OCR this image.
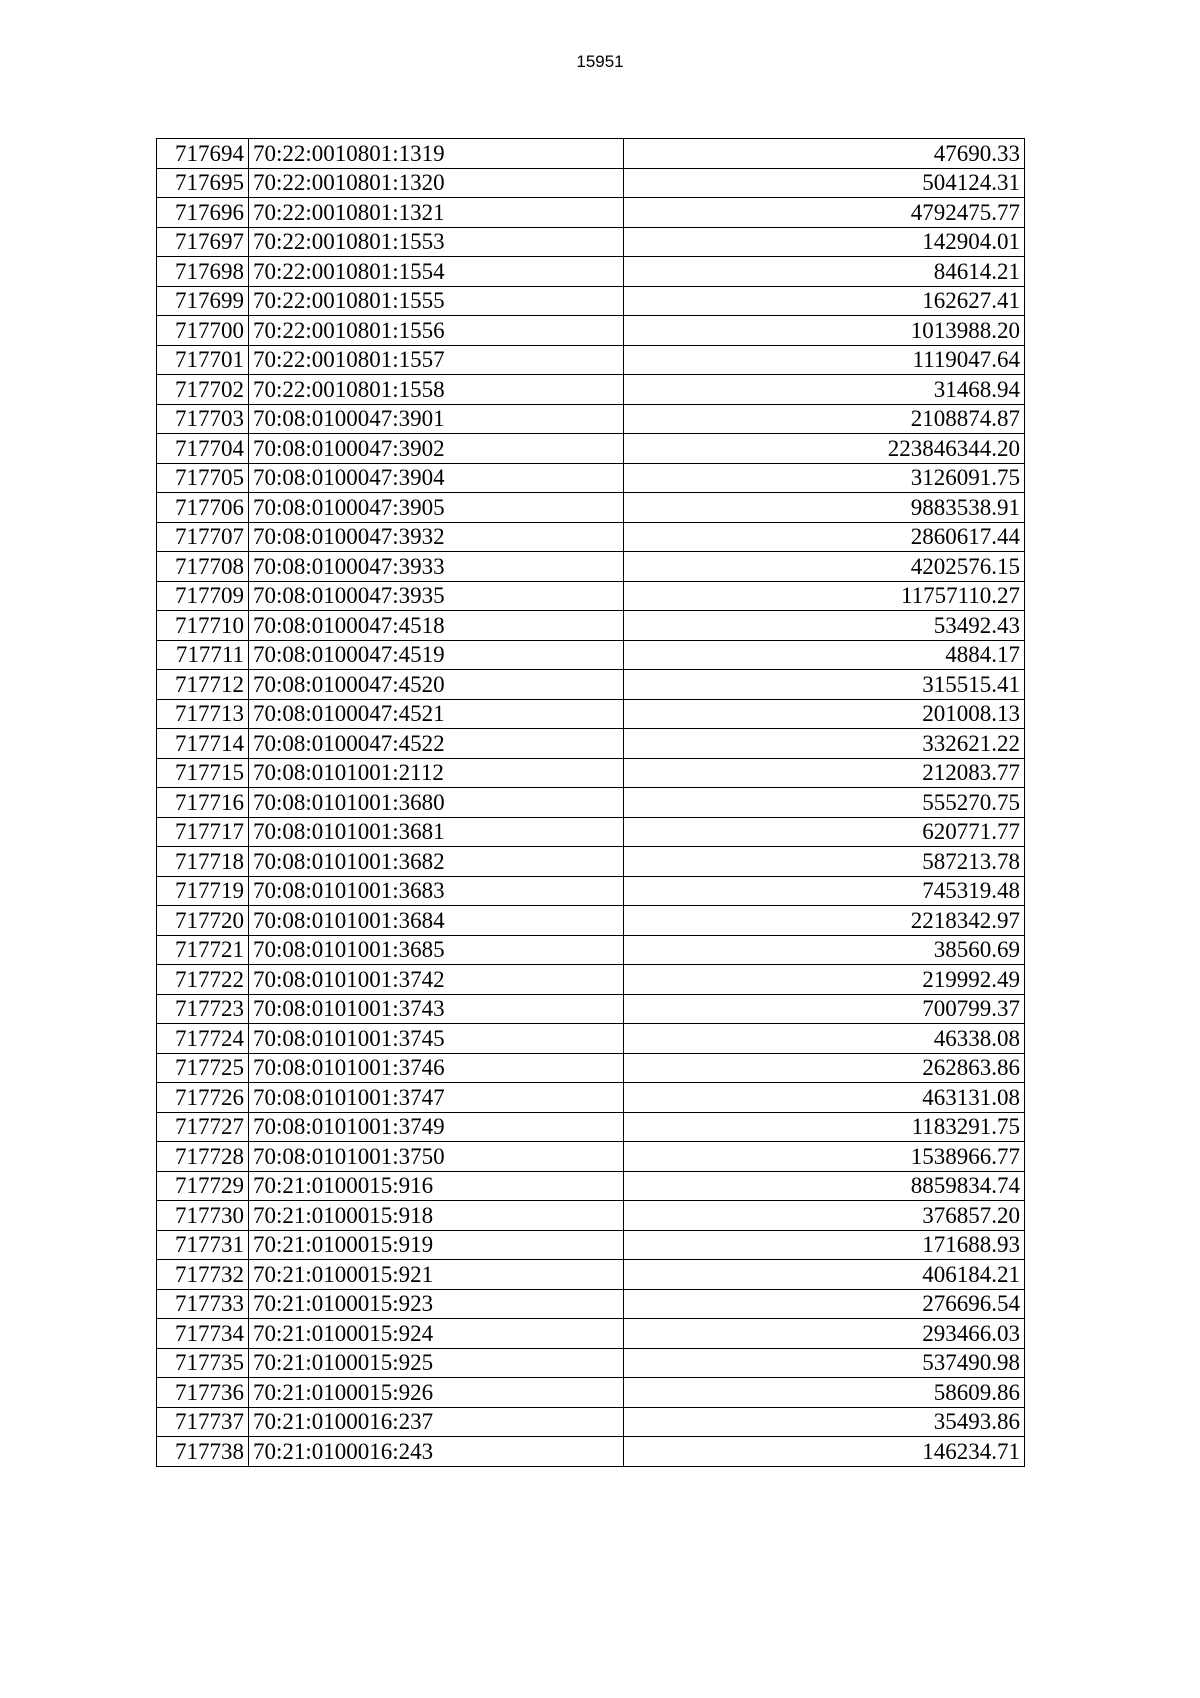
15951
717694	70:22:0010801:1319	47690.33
717695	70:22:0010801:1320	504124.31
717696	70:22:0010801:1321	4792475.77
717697	70:22:0010801:1553	142904.01
717698	70:22:0010801:1554	84614.21
717699	70:22:0010801:1555	162627.41
717700	70:22:0010801:1556	1013988.20
717701	70:22:0010801:1557	1119047.64
717702	70:22:0010801:1558	31468.94
717703	70:08:0100047:3901	2108874.87
717704	70:08:0100047:3902	223846344.20
717705	70:08:0100047:3904	3126091.75
717706	70:08:0100047:3905	9883538.91
717707	70:08:0100047:3932	2860617.44
717708	70:08:0100047:3933	4202576.15
717709	70:08:0100047:3935	11757110.27
717710	70:08:0100047:4518	53492.43
717711	70:08:0100047:4519	4884.17
717712	70:08:0100047:4520	315515.41
717713	70:08:0100047:4521	201008.13
717714	70:08:0100047:4522	332621.22
717715	70:08:0101001:2112	212083.77
717716	70:08:0101001:3680	555270.75
717717	70:08:0101001:3681	620771.77
717718	70:08:0101001:3682	587213.78
717719	70:08:0101001:3683	745319.48
717720	70:08:0101001:3684	2218342.97
717721	70:08:0101001:3685	38560.69
717722	70:08:0101001:3742	219992.49
717723	70:08:0101001:3743	700799.37
717724	70:08:0101001:3745	46338.08
717725	70:08:0101001:3746	262863.86
717726	70:08:0101001:3747	463131.08
717727	70:08:0101001:3749	1183291.75
717728	70:08:0101001:3750	1538966.77
717729	70:21:0100015:916	8859834.74
717730	70:21:0100015:918	376857.20
717731	70:21:0100015:919	171688.93
717732	70:21:0100015:921	406184.21
717733	70:21:0100015:923	276696.54
717734	70:21:0100015:924	293466.03
717735	70:21:0100015:925	537490.98
717736	70:21:0100015:926	58609.86
717737	70:21:0100016:237	35493.86
717738	70:21:0100016:243	146234.71
